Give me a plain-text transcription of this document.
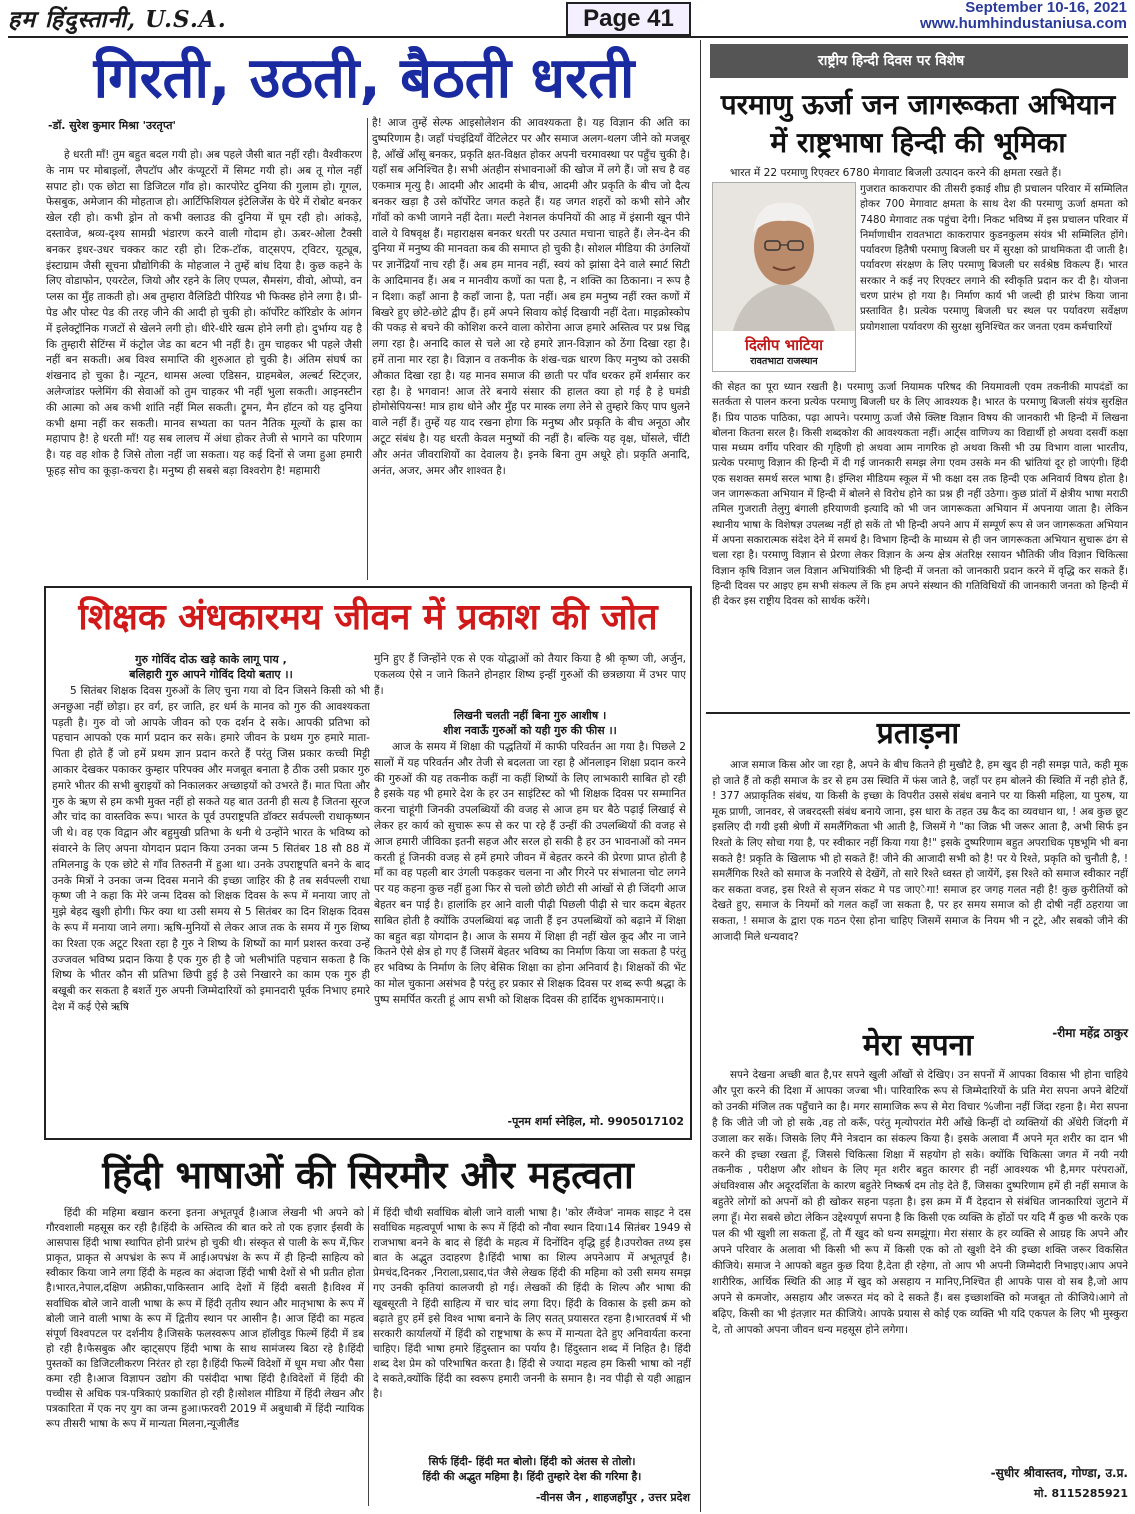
हम हिंदुस्तानी, U.S.A.	Page 41	September 10-16, 2021
www.humhindustaniusa.com
गिरती, उठती, बैठती धरती
-डॉ. सुरेश कुमार मिश्रा 'उरतृप्त'

हे धरती माँ! तुम बहुत बदल गयी हो। अब पहले जैसी बात नहीं रही। वैश्वीकरण के नाम पर मोबाइलों, लैपटॉप और कंप्यूटरों में सिमट गयी हो। अब तू गोल नहीं सपाट हो। एक छोटा सा डिजिटल गाँव हो। कारपोरेट दुनिया की गुलाम हो। गूगल, फेसबुक, अमेजान की मोहताज हो। आर्टिफिशियल इंटेलिजेंस के घेरे में रोबोट बनकर खेल रही हो। कभी ड्रोन तो कभी क्लाउड की दुनिया में घूम रही हो। आंकड़े, दस्तावेज, श्रव्य-दृश्य सामग्री भंडारण करने वाली गोदाम हो। ऊबर-ओला टैक्सी बनकर इधर-उधर चक्कर काट रही हो। टिक-टॉक, वाट्सएप, ट्विटर, यूट्यूब, इंस्टाग्राम जैसी सूचना प्रौद्योगिकी के मोहजाल ने तुम्हें बांध दिया है। कुछ कहने के लिए वोडाफोन, एयरटेल, जियो और रहने के लिए एप्पल, सैमसंग, वीवो, ओप्पो, वन प्लस का मुँह ताकती हो। अब तुम्हारा वैलिडिटी पीरियड भी फिक्स्ड होने लगा है। प्री-पेड और पोस्ट पेड की तरह जीने की आदी हो चुकी हो। कॉर्पोरेट कॉरिडोर के आंगन में इलेक्ट्रॉनिक गजटों से खेलने लगी हो। धीरे-धीरे खत्म होने लगी हो। दुर्भाग्य यह है कि तुम्हारी सेटिंग्स में कंट्रोल जेड का बटन भी नहीं है। तुम चाहकर भी पहले जैसी नहीं बन सकती। अब विश्व समाप्ति की शुरुआत हो चुकी है। अंतिम संघर्ष का शंखनाद हो चुका है। न्यूटन, थामस अल्वा एडिसन, ग्राहमबेल, अल्बर्ट स्टिट्जर, अलेग्जांडर फ्लेमिंग की सेवाओं को तुम चाहकर भी नहीं भुला सकती। आइनस्टीन की आत्मा को अब कभी शांति नहीं मिल सकती। ट्रूमन, मैन हॉटन को यह दुनिया कभी क्षमा नहीं कर सकती। मानव सभ्यता का पतन नैतिक मूल्यों के ह्रास का महापाप है! हे धरती माँ! यह सब लालच में अंधा होकर तेजी से भागने का परिणाम है। यह वह शोक है जिसे तोला नहीं जा सकता। यह कई दिनों से जमा हुआ हमारी फूहड़ सोच का कूड़ा-कचरा है। मनुष्य ही सबसे बड़ा विश्वरोग है! महामारी

है! आज तुम्हें सेल्फ आइसोलेशन की आवश्यकता है। यह विज्ञान की अति का दुष्परिणाम है। जहाँ पंचइंद्रियाँ वेंटिलेटर पर और समाज अलग-थलग जीने को मजबूर है, आँखें आँसू बनकर, प्रकृति क्षत-विक्षत होकर अपनी चरमावस्था पर पहुँच चुकी है। यहाँ सब अनिश्चित है। सभी अंतहीन संभावनाओं की खोज में लगे हैं। जो सच है वह एकमात्र मृत्यु है। आदमी और आदमी के बीच, आदमी और प्रकृति के बीच जो दैत्य बनकर खड़ा है उसे कॉर्पोरेट जगत कहते हैं। यह जगत शहरों को कभी सोने और गाँवों को कभी जागने नहीं देता। मल्टी नेशनल कंपनियों की आड़ में इंसानी खून पीने वाले ये विषवृक्ष हैं। महाराक्षस बनकर धरती पर उत्पात मचाना चाहते हैं। लेन-देन की दुनिया में मनुष्य की मानवता कब की समाप्त हो चुकी है। सोशल मीडिया की उंगलियों पर ज्ञानेंद्रियाँ नाच रही हैं। अब हम मानव नहीं, स्वयं को झांसा देने वाले स्मार्ट सिटी के आदिमानव हैं। अब न मानवीय कणों का पता है, न शक्ति का ठिकाना। न रूप है न दिशा। कहाँ आना है कहाँ जाना है, पता नहीं। अब हम मनुष्य नहीं रक्त कणों में बिखरे हुए छोटे-छोटे द्वीप हैं। हमें अपने सिवाय कोई दिखायी नहीं देता। माइक्रोस्कोप की पकड़ से बचने की कोशिश करने वाला कोरोना आज हमारे अस्तित्व पर प्रश्न चिह्न लगा रहा है। अनादि काल से चले आ रहे हमारे ज्ञान-विज्ञान को ठेंगा दिखा रहा है। हमें ताना मार रहा है। विज्ञान व तकनीक के शंख-चक्र धारण किए मनुष्य को उसकी औकात दिखा रहा है। यह मानव समाज की छाती पर पाँव धरकर हमें शर्मसार कर रहा है। हे भगवान! आज तेरे बनाये संसार की हालत क्या हो गई है हे घमंडी होमोसेपियन्स! मात्र हाथ धोने और मुँह पर मास्क लगा लेने से तुम्हारे किए पाप धुलने वाले नहीं हैं। तुम्हें यह याद रखना होगा कि मनुष्य और प्रकृति के बीच अनूठा और अटूट संबंध है। यह धरती केवल मनुष्यों की नहीं है। बल्कि यह वृक्ष, घोंसले, चींटी और अनंत जीवराशियों का देवालय है। इनके बिना तुम अधूरे हो। प्रकृति अनादि, अनंत, अजर, अमर और शाश्वत है।

शिक्षक अंधकारमय जीवन में प्रकाश की जोत
गुरु गोविंद दोऊ खड़े काके लागू पाय ,
बलिहारी गुरु आपने गोविंद दियो बताए ।।

5 सितंबर शिक्षक दिवस गुरुओं के लिए चुना गया वो दिन जिसने किसी को भी अनछुआ नहीं छोड़ा। हर वर्ग, हर जाति, हर धर्म के मानव को गुरु की आवश्यकता पड़ती है। गुरु वो जो आपके जीवन को एक दर्शन दे सके। आपकी प्रतिभा को पहचान आपको एक मार्ग प्रदान कर सके। हमारे जीवन के प्रथम गुरु हमारे माता-पिता ही होते हैं जो हमें प्रथम ज्ञान प्रदान करते हैं परंतु जिस प्रकार कच्ची मिट्टी आकार देखकर पकाकर कुम्हार परिपक्व और मजबूत बनाता है ठीक उसी प्रकार गुरु हमारे भीतर की सभी बुराइयों को निकालकर अच्छाइयों को उभरते हैं। मात पिता और गुरु के ऋण से हम कभी मुक्त नहीं हो सकते यह बात उतनी ही सत्य है जितना सूरज और चांद का वास्तविक रूप। भारत के पूर्व उपराष्ट्रपति डॉक्टर सर्वपल्ली राधाकृष्णन जी थे। वह एक विद्वान और बहुमुखी प्रतिभा के धनी थे उन्होंने भारत के भविष्य को संवारने के लिए अपना योगदान प्रदान किया उनका जन्म 5 सितंबर 18 सौ 88 में तमिलनाडु के एक छोटे से गाँव तिरुतनी में हुआ था। उनके उपराष्ट्रपति बनने के बाद उनके मित्रों ने उनका जन्म दिवस मनाने की इच्छा जाहिर की है तब सर्वपल्ली राधा कृष्ण जी ने कहा कि मेरे जन्म दिवस को शिक्षक दिवस के रूप में मनाया जाए तो मुझे बेहद खुशी होगी। फिर क्या था उसी समय से 5 सितंबर का दिन शिक्षक दिवस के रूप में मनाया जाने लगा। ऋषि-मुनियों से लेकर आज तक के समय में गुरु शिष्य का रिश्ता एक अटूट रिश्ता रहा है गुरु ने शिष्य के शिष्यों का मार्ग प्रशस्त करवा उन्हें उज्जवल भविष्य प्रदान किया है एक गुरु ही है जो भलीभांति पहचान सकता है कि शिष्य के भीतर कौन सी प्रतिभा छिपी हुई है उसे निखारने का काम एक गुरु ही बखूबी कर सकता है बशर्ते गुरु अपनी जिम्मेदारियों को इमानदारी पूर्वक निभाए हमारे देश में कई ऐसे ऋषि

मुनि हुए हैं जिन्होंने एक से एक योद्धाओं को तैयार किया है श्री कृष्ण जी, अर्जुन, एकलव्य ऐसे न जाने कितने होनहार शिष्य इन्हीं गुरुओं की छत्रछाया में उभर पाए हैं।

लिखनी चलती नहीं बिना गुरु आशीष ।
शीश नवाऊँ गुरुओं को यही गुरु की फीस ।।

आज के समय में शिक्षा की पद्धतियों में काफी परिवर्तन आ गया है। पिछले 2 सालों में यह परिवर्तन और तेजी से बदलता जा रहा है ऑनलाइन शिक्षा प्रदान करने की गुरुओं की यह तकनीक कहीं ना कहीं शिष्यों के लिए लाभकारी साबित हो रही है इसके यह भी हमारे देश के हर उन साइंटिस्ट को भी शिक्षक दिवस पर सम्मानित करना चाहूंगी जिनकी उपलब्धियों की वजह से आज हम घर बैठे पढ़ाई लिखाई से लेकर हर कार्य को सुचारू रूप से कर पा रहे हैं उन्हीं की उपलब्धियों की वजह से आज हमारी जीविका इतनी सहज और सरल हो सकी है हर उन भावनाओं को नमन करती हूं जिनकी वजह से हमें हमारे जीवन में बेहतर करने की प्रेरणा प्राप्त होती है माँ का वह पहली बार उंगली पकड़कर चलना ना और गिरने पर संभालना चोट लगने पर यह कहना कुछ नहीं हुआ फिर से चलो छोटी छोटी सी आंखों से ही जिंदगी आज बेहतर बन पाई है। हालांकि हर आने वाली पीढ़ी पिछली पीढ़ी से चार कदम बेहतर साबित होती है क्योंकि उपलब्धियां बढ़ जाती हैं इन उपलब्धियों को बढ़ाने में शिक्षा का बहुत बड़ा योगदान है। आज के समय में शिक्षा ही नहीं खेल कूद और ना जाने कितने ऐसे क्षेत्र हो गए हैं जिसमें बेहतर भविष्य का निर्माण किया जा सकता है परंतु हर भविष्य के निर्माण के लिए बेसिक शिक्षा का होना अनिवार्य है। शिक्षकों की भेंट का मोल चुकाना असंभव है परंतु हर प्रकार से शिक्षक दिवस पर शब्द रूपी श्रद्धा के पुष्प समर्पित करती हूं आप सभी को शिक्षक दिवस की हार्दिक शुभकामनाएं।।

-पूनम शर्मा स्नेहिल, मो. 9905017102
हिंदी भाषाओं की सिरमौर और महत्वता

हिंदी की महिमा बखान करना इतना अभूतपूर्व है।आज लेखनी भी अपने को गौरवशाली महसूस कर रही है।हिंदी के अस्तित्व की बात करे तो एक हज़ार ईसवी के आसपास हिंदी भाषा स्थापित होनी प्रारंभ हो चुकी थी। संस्कृत से पाली के रूप में,फिर प्राकृत, प्राकृत से अपभ्रंश के रूप में आई।अपभ्रंश के रूप में ही हिन्दी साहित्य को स्वीकार किया जाने लगा हिंदी के महत्व का अंदाजा हिंदी भाषी देशों से भी प्रतीत होता है।भारत,नेपाल,दक्षिण अफ्रीका,पाकिस्तान आदि देशों में हिंदी बसती है।विश्व में सर्वाधिक बोले जाने वाली भाषा के रूप में हिंदी तृतीय स्थान और मातृभाषा के रूप में बोली जाने वाली भाषा के रूप में द्वितीय स्थान पर आसीन है। आज हिंदी का महत्व संपूर्ण विश्वपटल पर दर्शनीय है।जिसके फलस्वरूप आज हॉलीवुड फिल्में हिंदी में डब हो रही है।फेसबुक और व्हाट्सएप हिंदी भाषा के साथ सामंजस्य बिठा रहे है।हिंदी पुस्तकों का डिजिटलीकरण निरंतर हो रहा है।हिंदी फिल्में विदेशों में धूम मचा और पैसा कमा रही है।आज विज्ञापन उद्योग की पसंदीदा भाषा हिंदी है।विदेशों में हिंदी की पच्चीस से अधिक पत्र-पत्रिकाएं प्रकाशित हो रही है।सोशल मीडिया में हिंदी लेखन और पत्रकारिता में एक नए युग का जन्म हुआ।फरवरी 2019 में अबुधाबी में हिंदी न्यायिक रूप तीसरी भाषा के रूप में मान्यता मिलना,न्यूजीलैंड

में हिंदी चौथी सर्वाधिक बोली जाने वाली भाषा है। 'कोर लैंग्वेज' नामक साइट ने दस सर्वाधिक महत्वपूर्ण भाषा के रूप में हिंदी को नौवा स्थान दिया।14 सितंबर 1949 से राजभाषा बनने के बाद से हिंदी के महत्व में दिनोंदिन वृद्धि हुई है।उपरोक्त तथ्य इस बात के अद्भुत उदाहरण है।हिंदी भाषा का शिल्प अपनेआप में अभूतपूर्व है।प्रेमचंद,दिनकर ,निराला,प्रसाद,पंत जैसे लेखक हिंदी की महिमा को उसी समय समझ गए उनकी कृतियां कालजयी हो गई। लेखकों की हिंदी के शिल्प और भाषा की खूबसूरती ने हिंदी साहित्य में चार चांद लगा दिए। हिंदी के विकास के इसी क्रम को बढ़ाते हुए हमें इसे विश्व भाषा बनाने के लिए सतत् प्रयासरत रहना है।भारतवर्ष में भी सरकारी कार्यालयों में हिंदी को राष्ट्रभाषा के रूप में मान्यता देते हुए अनिवार्यता करना चाहिए। हिंदी भाषा हमारे हिंदुस्तान का पर्याय है। हिंदुस्तान शब्द में निहित है। हिंदी शब्द देश प्रेम को परिभाषित करता है। हिंदी से ज्यादा महत्व हम किसी भाषा को नहीं दे सकते,क्योंकि हिंदी का स्वरूप हमारी जननी के समान है। नव पीढ़ी से यही आह्वान है।

सिर्फ हिंदी- हिंदी मत बोलो। हिंदी को अंतस से तोलो।
हिंदी की अद्भुत महिमा है। हिंदी तुम्हारे देश की गरिमा है।
-वीनस जैन , शाहजहाँपुर , उत्तर प्रदेश
राष्ट्रीय हिन्दी दिवस पर विशेष
परमाणु ऊर्जा जन जागरूकता अभियान
में राष्ट्रभाषा हिन्दी की भूमिका

भारत में 22 परमाणु रिएक्टर 6780 मेगावाट बिजली उत्पादन करने की क्षमता रखते हैं।

दिलीप भाटिया
रावतभाटा राजस्थान

गुजरात काकरापार की तीसरी इकाई शीघ्र ही प्रचालन परिवार में सम्मिलित होकर 700 मेगावाट क्षमता के साथ देश की परमाणु ऊर्जा क्षमता को 7480 मेगावाट तक पहुंचा देगी। निकट भविष्य में इस प्रचालन परिवार में निर्माणाधीन रावतभाटा काकरापार कुडनकुलम संयंत्र भी सम्मिलित होंगे। पर्यावरण हितैषी परमाणु बिजली घर में सुरक्षा को प्राथमिकता दी जाती है। पर्यावरण संरक्षण के लिए परमाणु बिजली घर सर्वश्रेष्ठ विकल्प हैं। भारत सरकार ने कई नए रिएक्टर लगाने की स्वीकृति प्रदान कर दी है। योजना चरण प्रारंभ हो गया है। निर्माण कार्य भी जल्दी ही प्रारंभ किया जाना प्रस्तावित है। प्रत्येक परमाणु बिजली घर स्थल पर पर्यावरण सर्वेक्षण प्रयोगशाला पर्यावरण की सुरक्षा सुनिश्चित कर जनता एवम कर्मचारियों

की सेहत का पूरा ध्यान रखती है। परमाणु ऊर्जा नियामक परिषद की नियमावली एवम तकनीकी मापदंडों का सतर्कता से पालन करना प्रत्येक परमाणु बिजली घर के लिए आवश्यक है। भारत के परमाणु बिजली संयंत्र सुरक्षित हैं। प्रिय पाठक पाठिका, पढ़ा आपने। परमाणु ऊर्जा जैसे क्लिष्ट विज्ञान विषय की जानकारी भी हिन्दी में लिखना बोलना कितना सरल है। किसी शब्दकोश की आवश्यकता नहीं। आर्ट्स वाणिज्य का विद्यार्थी हो अथवा दसवीं कक्षा पास मध्यम वर्गीय परिवार की गृहिणी हो अथवा आम नागरिक हो अथवा किसी भी उम्र विभाग वाला भारतीय, प्रत्येक परमाणु विज्ञान की हिन्दी में दी गई जानकारी समझ लेगा एवम उसके मन की भ्रांतियां दूर हो जाएंगी। हिंदी एक सशक्त समर्थ सरल भाषा है। इंग्लिश मीडियम स्कूल में भी कक्षा दस तक हिन्दी एक अनिवार्य विषय होता है। जन जागरूकता अभियान में हिन्दी में बोलने से विरोध होने का प्रश्न ही नहीं उठेगा। कुछ प्रांतों में क्षेत्रीय भाषा मराठी तमिल गुजराती तेलुगु बंगाली हरियाणवी इत्यादि को भी जन जागरूकता अभियान में अपनाया जाता है। लेकिन स्थानीय भाषा के विशेषज्ञ उपलब्ध नहीं हो सकें तो भी हिन्दी अपने आप में सम्पूर्ण रूप से जन जागरूकता अभियान में अपना सकारात्मक संदेश देने में समर्थ है। विभाग हिन्दी के माध्यम से ही जन जागरूकता अभियान सुचारू ढंग से चला रहा है। परमाणु विज्ञान से प्रेरणा लेकर विज्ञान के अन्य क्षेत्र अंतरिक्ष रसायन भौतिकी जीव विज्ञान चिकित्सा विज्ञान कृषि विज्ञान जल विज्ञान अभियांत्रिकी भी हिन्दी में जनता को जानकारी प्रदान करने में वृद्धि कर सकते हैं। हिन्दी दिवस पर आइए हम सभी संकल्प लें कि हम अपने संस्थान की गतिविधियों की जानकारी जनता को हिन्दी में ही देकर इस राष्ट्रीय दिवस को सार्थक करेंगे।

प्रताड़ना

आज समाज किस ओर जा रहा है, अपने के बीच कितने ही मुखौटे है, हम खुद ही नही समझ पाते, कही मूक हो जाते हैं तो कही समाज के डर से हम उस स्थिति में फंस जाते है, जहाँ पर हम बोलने की स्थिति में नही होते हैं, ! 377 अप्राकृतिक संबंध, या किसी के इच्छा के विपरीत उससे संबंध बनाने पर या किसी महिला, या पुरुष, या मूक प्राणी, जानवर, से जबरदस्ती संबंध बनाये जाना, इस धारा के तहत उम्र कैद का व्यवधान था, ! अब कुछ छूट इसलिए दी गयी इसी श्रेणी में समलैंगिकता भी आती है, जिसमें गे "का जिक्र भी जरूर आता है, अभी सिर्फ इन रिश्तो के लिए सोचा गया है, पर स्वीकार नहीं किया गया है!" इसके दुष्परिणाम बहुत अपराधिक पृष्ठभूमि भी बना सकते है! प्रकृति के खिलाफ भी हो सकते हैं! जीने की आजादी सभी को है! पर ये रिश्ते, प्रकृति को चुनौती है, ! समलैंगिक रिश्ते को समाज के नजरिये से देखेंगें, तो सारे रिश्ते ध्वस्त हो जायेंगें, इस रिश्ते को समाज स्वीकार नहीं कर सकता वजह, इस रिश्ते से सृजन संकट मे पड जाएेगा! समाज हर जगह गलत नही है! कुछ कुरीतियों को देखते हुए, समाज के नियमों को गलत कहाँ जा सकता है, पर हर समय समाज को ही दोषी नहीं ठहराया जा सकता, ! समाज के द्वारा एक गठन ऐसा होना चाहिए जिसमें समाज के नियम भी न टूटे, और सबको जीने की आजादी मिले धन्यवाद?

-रीमा महेंद्र ठाकुर
मेरा सपना

सपने देखना अच्छी बात है,पर सपने खुली आँखों से देखिए। उन सपनों में आपका विकास भी होना चाहिये और पूरा करने की दिशा में आपका जज्बा भी। पारिवारिक रूप से जिम्मेदारियों के प्रति मेरा सपना अपने बेटियों को उनकी मंजिल तक पहुँचाने का है। मगर सामाजिक रूप से मेरा विचार %जीना नहीं जिंदा रहना है। मेरा सपना है कि जीते जी जो हो सके ,वह तो करूँ, परंतु मृत्योपरांत मेरी आँखे किन्हीं दो व्यक्तियों की अँधेरी जिंदगी में उजाला कर सकें। जिसके लिए मैंने नेत्रदान का संकल्प किया है। इसके अलावा मैं अपने मृत शरीर का दान भी करने की इच्छा रखता हूँ, जिससे चिकित्सा शिक्षा में सहयोग हो सके। क्योंकि चिकित्सा जगत में नयी नयी तकनीक , परीक्षण और शोधन के लिए मृत शरीर बहुत कारगर ही नहीं आवश्यक भी है,मगर परंपराओं, अंधविश्वास और अदूरदर्शिता के कारण बहुतेरे निष्कर्ष दम तोड़ देते हैं, जिसका दुष्परिणाम हमें ही नहीं समाज के बहुतेरे लोगों को अपनों को ही खोकर सहना पड़ता है। इस क्रम में मैं देहदान से संबंधित जानकारियां जुटाने में लगा हूँ। मेरा सबसे छोटा लेकिन उद्देश्यपूर्ण सपना है कि किसी एक व्यक्ति के होंठों पर यदि मैं कुछ भी करके एक पल की भी खुशी ला सकता हूँ, तो मैं खुद को धन्य समझूंगा। मेरा संसार के हर व्यक्ति से आग्रह कि अपने और अपने परिवार के अलावा भी किसी भी रूप में किसी एक को तो खुशी देने की इच्छा शक्ति जरूर विकसित कीजिये। समाज ने आपको बहुत कुछ दिया है,देता ही रहेगा, तो आप भी अपनी जिम्मेदारी निभाइए।आप अपने शारीरिक, आर्थिक स्थिति की आड़ में खुद को असहाय न मानिए,निश्चित ही आपके पास वो सब है,जो आप अपने से कमजोर, असहाय और जरूरत मंद को दे सकते हैं। बस इच्छाशक्ति को मजबूत तो कीजिये।आगे तो बढ़िए, किसी का भी इंतज़ार मत कीजिये। आपके प्रयास से कोई एक व्यक्ति भी यदि एकपल के लिए भी मुस्कुरा दे, तो आपको अपना जीवन धन्य महसूस होने लगेगा।

-सुधीर श्रीवास्तव, गोण्डा, उ.प्र.
मो. 8115285921
